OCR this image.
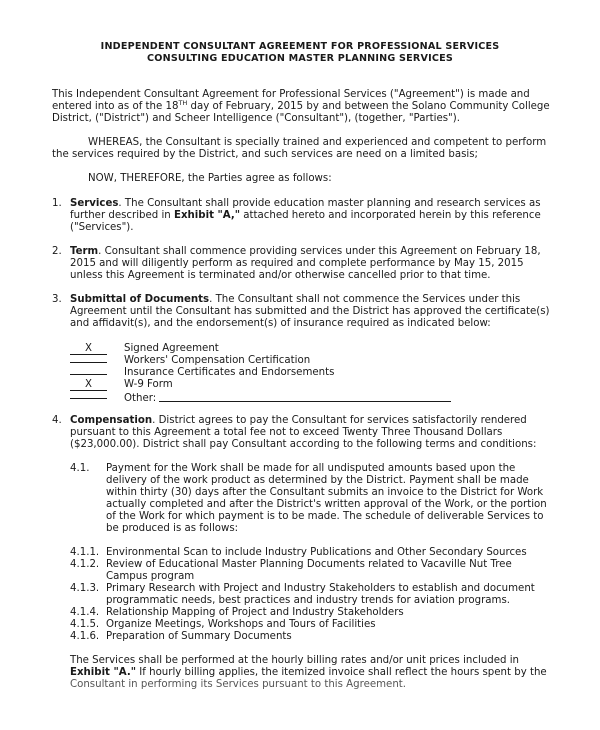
INDEPENDENT CONSULTANT AGREEMENT FOR PROFESSIONAL SERVICES
CONSULTING EDUCATION MASTER PLANNING SERVICES
This Independent Consultant Agreement for Professional Services ("Agreement") is made and
entered into as of the 18TH day of February, 2015 by and between the Solano Community College
District, ("District") and Scheer Intelligence ("Consultant"), (together, "Parties").
WHEREAS, the Consultant is specially trained and experienced and competent to perform
the services required by the District, and such services are need on a limited basis;
NOW, THEREFORE, the Parties agree as follows:
1. Services. The Consultant shall provide education master planning and research services as
further described in Exhibit "A," attached hereto and incorporated herein by this reference
("Services").
2. Term. Consultant shall commence providing services under this Agreement on February 18,
2015 and will diligently perform as required and complete performance by May 15, 2015
unless this Agreement is terminated and/or otherwise cancelled prior to that time.
3. Submittal of Documents. The Consultant shall not commence the Services under this
Agreement until the Consultant has submitted and the District has approved the certificate(s)
and affidavit(s), and the endorsement(s) of insurance required as indicated below:
X	Signed Agreement
Workers' Compensation Certification
Insurance Certificates and Endorsements
X	W-9 Form
Other:
4. Compensation. District agrees to pay the Consultant for services satisfactorily rendered
pursuant to this Agreement a total fee not to exceed Twenty Three Thousand Dollars
($23,000.00). District shall pay Consultant according to the following terms and conditions:
4.1. Payment for the Work shall be made for all undisputed amounts based upon the
delivery of the work product as determined by the District. Payment shall be made
within thirty (30) days after the Consultant submits an invoice to the District for Work
actually completed and after the District's written approval of the Work, or the portion
of the Work for which payment is to be made. The schedule of deliverable Services to
be produced is as follows:
4.1.1. Environmental Scan to include Industry Publications and Other Secondary Sources
4.1.2. Review of Educational Master Planning Documents related to Vacaville Nut Tree
Campus program
4.1.3. Primary Research with Project and Industry Stakeholders to establish and document
programmatic needs, best practices and industry trends for aviation programs.
4.1.4. Relationship Mapping of Project and Industry Stakeholders
4.1.5. Organize Meetings, Workshops and Tours of Facilities
4.1.6. Preparation of Summary Documents
The Services shall be performed at the hourly billing rates and/or unit prices included in
Exhibit "A." If hourly billing applies, the itemized invoice shall reflect the hours spent by the
Consultant in performing its Services pursuant to this Agreement.
